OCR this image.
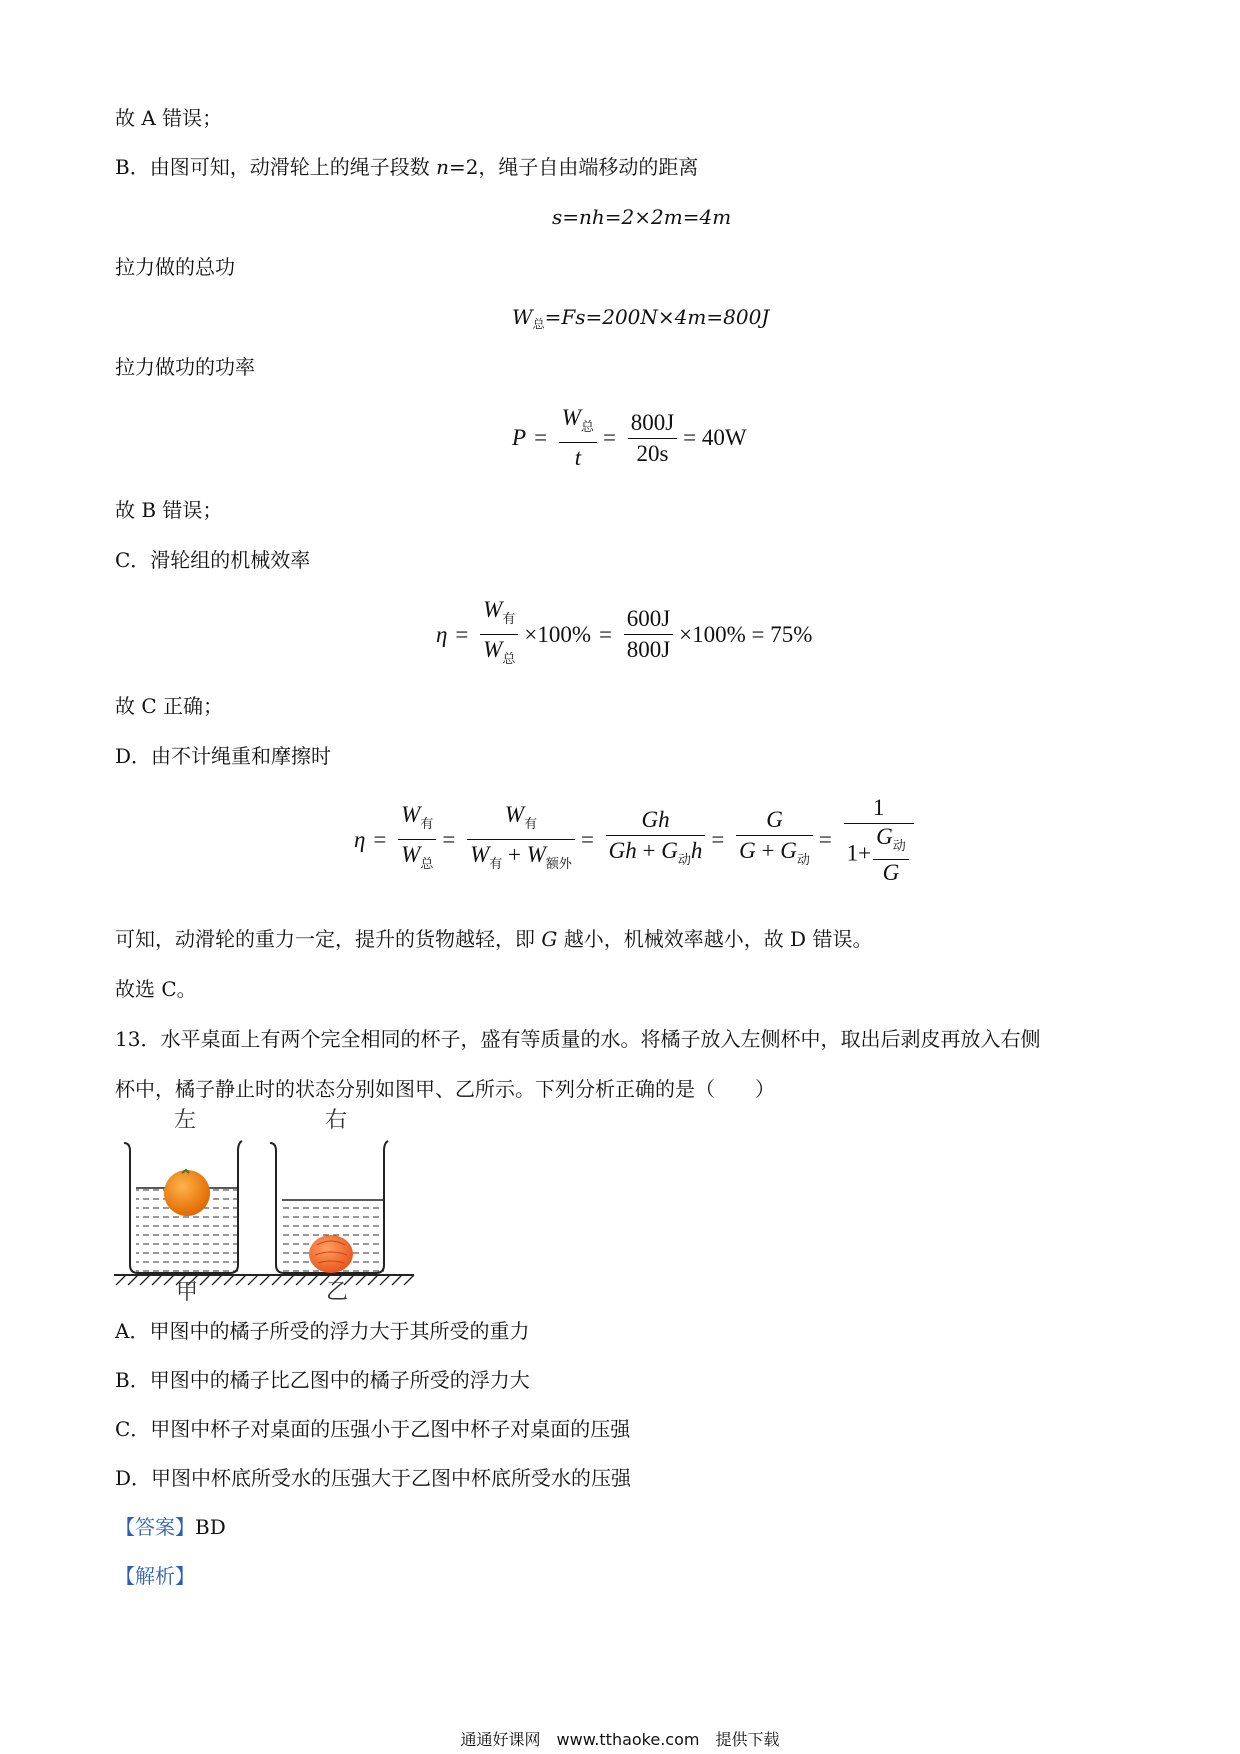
故 A 错误；
B．由图可知，动滑轮上的绳子段数 n=2，绳子自由端移动的距离
s=nh=2×2m=4m
拉力做的总功
$W_总=Fs=200N\times 4m=800J$
拉力做功的功率
$P = \frac{W_总}{t} = \frac{800J}{20s} = 40W$
故 B 错误；
C．滑轮组的机械效率
$\eta = \frac{W_有}{W_总} \times 100\% = \frac{600J}{800J} \times 100\% = 75\%$
故 C 正确；
D．由不计绳重和摩擦时
$\eta = \frac{W_有}{W_总} = \frac{W_有}{W_有 + W_{额外}} = \frac{Gh}{Gh + G_动h} = \frac{G}{G + G_动} = \frac{1}{1+ \frac{G_动}{G}}$
可知，动滑轮的重力一定，提升的货物越轻，即 G 越小，机械效率越小，故 D 错误。
故选 C。
13．水平桌面上有两个完全相同的杯子，盛有等质量的水。将橘子放入左侧杯中，取出后剥皮再放入右侧
杯中，橘子静止时的状态分别如图甲、乙所示。下列分析正确的是（　　）
左	右
甲	乙
A．甲图中的橘子所受的浮力大于其所受的重力
B．甲图中的橘子比乙图中的橘子所受的浮力大
C．甲图中杯子对桌面的压强小于乙图中杯子对桌面的压强
D．甲图中杯底所受水的压强大于乙图中杯底所受水的压强
【答案】BD
【解析】
通通好课网　www.tthaoke.com　提供下载
